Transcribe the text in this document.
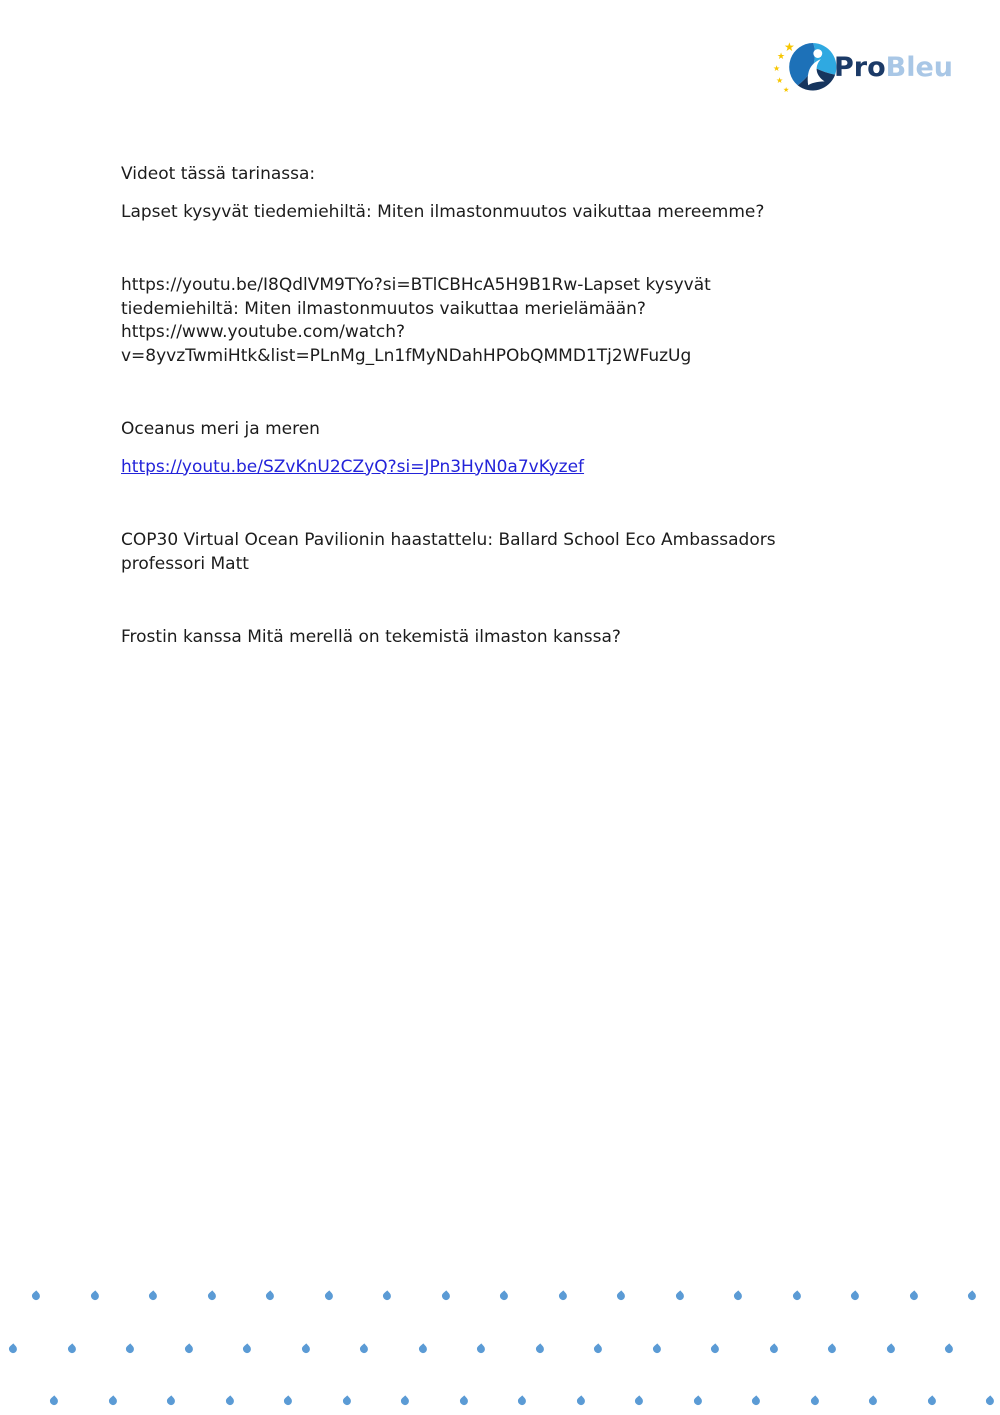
★
★
★
★
★
ProBleu

Videot tässä tarinassa:

Lapset kysyvät tiedemiehiltä: Miten ilmastonmuutos vaikuttaa mereemme?

https://youtu.be/I8QdlVM9TYo?si=BTlCBHcA5H9B1Rw-Lapset kysyvät
tiedemiehiltä: Miten ilmastonmuutos vaikuttaa merielämään?
https://www.youtube.com/watch?
v=8yvzTwmiHtk&list=PLnMg_Ln1fMyNDahHPObQMMD1Tj2WFuzUg

Oceanus meri ja meren

https://youtu.be/SZvKnU2CZyQ?si=JPn3HyN0a7vKyzef

COP30 Virtual Ocean Pavilionin haastattelu: Ballard School Eco Ambassadors
professori Matt

Frostin kanssa Mitä merellä on tekemistä ilmaston kanssa?
